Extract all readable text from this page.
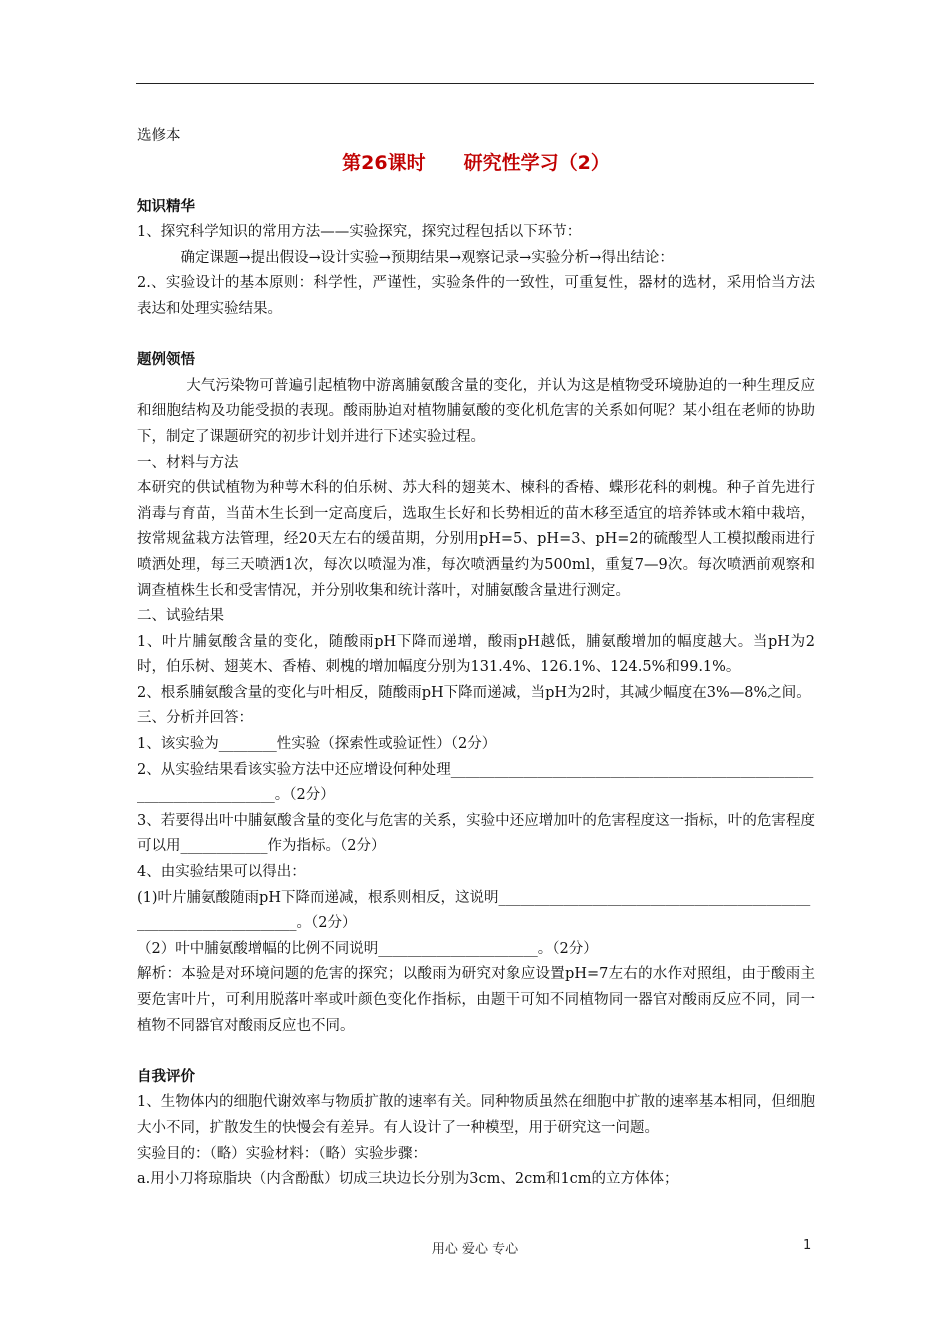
选修本

第26课时 研究性学习（2）

知识精华

1、探究科学知识的常用方法——实验探究，探究过程包括以下环节：

确定课题→提出假设→设计实验→预期结果→观察记录→实验分析→得出结论：

2.、实验设计的基本原则：科学性，严谨性，实验条件的一致性，可重复性，器材的选材，采用恰当方法表达和处理实验结果。

题例领悟

大气污染物可普遍引起植物中游离脯氨酸含量的变化，并认为这是植物受环境胁迫的一种生理反应和细胞结构及功能受损的表现。酸雨胁迫对植物脯氨酸的变化机危害的关系如何呢？某小组在老师的协助下，制定了课题研究的初步计划并进行下述实验过程。

一、材料与方法

本研究的供试植物为种萼木科的伯乐树、苏大科的翅荚木、楝科的香椿、蝶形花科的刺槐。种子首先进行消毒与育苗，当苗木生长到一定高度后，选取生长好和长势相近的苗木移至适宜的培养钵或木箱中栽培，按常规盆栽方法管理，经20天左右的缓苗期，分别用pH=5、pH=3、pH=2的硫酸型人工模拟酸雨进行喷洒处理，每三天喷洒1次，每次以喷湿为准，每次喷洒量约为500ml，重复7—9次。每次喷洒前观察和调查植株生长和受害情况，并分别收集和统计落叶，对脯氨酸含量进行测定。

二、试验结果

1、叶片脯氨酸含量的变化，随酸雨pH下降而递增，酸雨pH越低，脯氨酸增加的幅度越大。当pH为2时，伯乐树、翅荚木、香椿、刺槐的增加幅度分别为131.4%、126.1%、124.5%和99.1%。

2、根系脯氨酸含量的变化与叶相反，随酸雨pH下降而递减，当pH为2时，其减少幅度在3%—8%之间。

三、分析并回答：

1、该实验为________性实验（探索性或验证性）（2分）

2、从实验结果看该实验方法中还应增设何种处理_____________________________________________________________________。（2分）

3、若要得出叶中脯氨酸含量的变化与危害的关系，实验中还应增加叶的危害程度这一指标，叶的危害程度可以用____________作为指标。（2分）

4、由实验结果可以得出：

(1)叶片脯氨酸随雨pH下降而递减，根系则相反，这说明_________________________________________________________________。（2分）

（2）叶中脯氨酸增幅的比例不同说明______________________。（2分）

解析：本验是对环境问题的危害的探究；以酸雨为研究对象应设置pH=7左右的水作对照组，由于酸雨主要危害叶片，可利用脱落叶率或叶颜色变化作指标，由题干可知不同植物同一器官对酸雨反应不同，同一植物不同器官对酸雨反应也不同。

自我评价

1、生物体内的细胞代谢效率与物质扩散的速率有关。同种物质虽然在细胞中扩散的速率基本相同，但细胞大小不同，扩散发生的快慢会有差异。有人设计了一种模型，用于研究这一问题。

实验目的：（略）实验材料：（略）实验步骤：

a.用小刀将琼脂块（内含酚酞）切成三块边长分别为3cm、2cm和1cm的立方体体；

用心 爱心 专心	1
